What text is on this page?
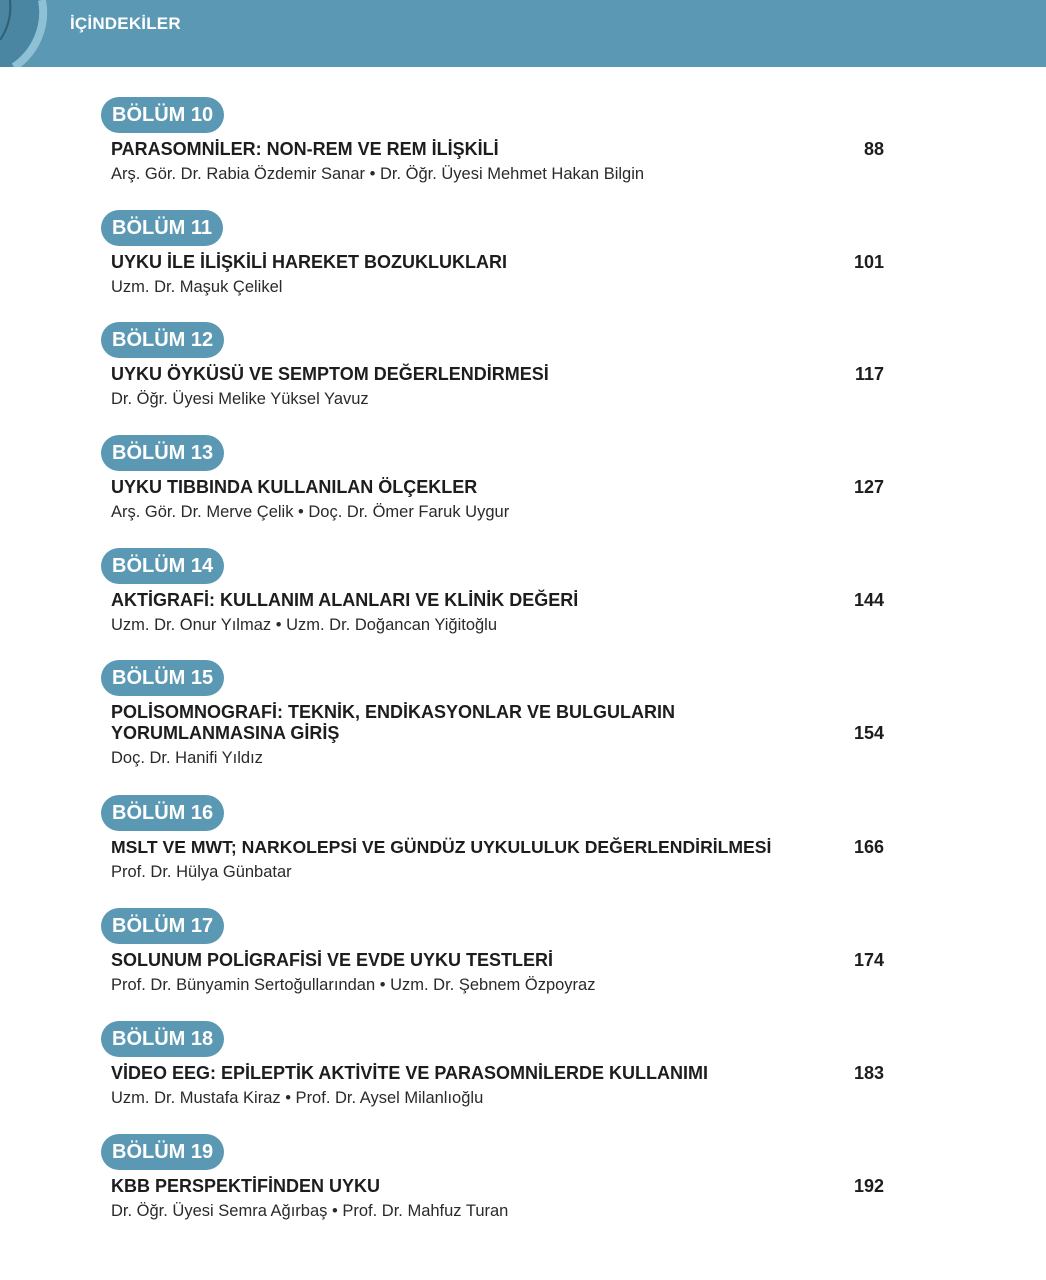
İÇİNDEKİLER
BÖLÜM 10
PARASOMNİLER: NON-REM VE REM İLİŞKİLİ
Arş. Gör. Dr. Rabia Özdemir Sanar • Dr. Öğr. Üyesi Mehmet Hakan Bilgin
88
BÖLÜM 11
UYKU İLE İLİŞKİLİ HAREKET BOZUKLUKLARI
Uzm. Dr. Maşuk Çelikel
101
BÖLÜM 12
UYKU ÖYKÜSÜ VE SEMPTOM DEĞERLENDİRMESİ
Dr. Öğr. Üyesi Melike Yüksel Yavuz
117
BÖLÜM 13
UYKU TIBBINDA KULLANILAN ÖLÇEKLER
Arş. Gör. Dr. Merve Çelik • Doç. Dr. Ömer Faruk Uygur
127
BÖLÜM 14
AKTİGRAFİ: KULLANIM ALANLARI VE KLİNİK DEĞERİ
Uzm. Dr. Onur Yılmaz • Uzm. Dr. Doğancan Yiğitoğlu
144
BÖLÜM 15
POLİSOMNOGRAFİ: TEKNİK, ENDİKASYONLAR VE BULGULARIN YORUMLANMASINA GİRİŞ
Doç. Dr. Hanifi Yıldız
154
BÖLÜM 16
MSLT VE MWT; NARKOLEPSİ VE GÜNDÜZ UYKULULUK DEĞERLENDİRİLMESİ
Prof. Dr. Hülya Günbatar
166
BÖLÜM 17
SOLUNUM POLİGRAFİSİ VE EVDE UYKU TESTLERİ
Prof. Dr. Bünyamin Sertoğullarından • Uzm. Dr. Şebnem Özpoyraz
174
BÖLÜM 18
VİDEO EEG: EPİLEPTİK AKTİVİTE VE PARASOMNİLERDE KULLANIMI
Uzm. Dr. Mustafa Kiraz • Prof. Dr. Aysel Milanlıoğlu
183
BÖLÜM 19
KBB PERSPEKTİFİNDEN UYKU
Dr. Öğr. Üyesi Semra Ağırbaş • Prof. Dr. Mahfuz Turan
192
